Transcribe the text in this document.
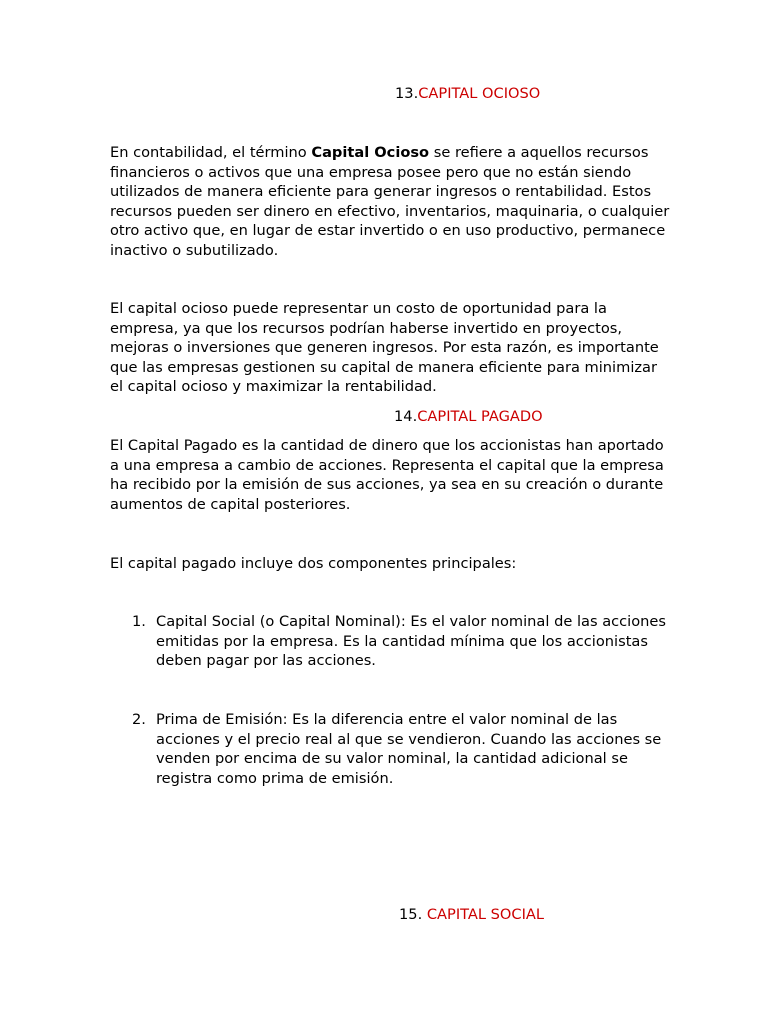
13.CAPITAL OCIOSO

En contabilidad, el término Capital Ocioso se refiere a aquellos recursos financieros o activos que una empresa posee pero que no están siendo utilizados de manera eficiente para generar ingresos o rentabilidad. Estos recursos pueden ser dinero en efectivo, inventarios, maquinaria, o cualquier otro activo que, en lugar de estar invertido o en uso productivo, permanece inactivo o subutilizado.

El capital ocioso puede representar un costo de oportunidad para la empresa, ya que los recursos podrían haberse invertido en proyectos, mejoras o inversiones que generen ingresos. Por esta razón, es importante que las empresas gestionen su capital de manera eficiente para minimizar el capital ocioso y maximizar la rentabilidad.

14.CAPITAL PAGADO

El Capital Pagado es la cantidad de dinero que los accionistas han aportado a una empresa a cambio de acciones. Representa el capital que la empresa ha recibido por la emisión de sus acciones, ya sea en su creación o durante aumentos de capital posteriores.

El capital pagado incluye dos componentes principales:

1. Capital Social (o Capital Nominal): Es el valor nominal de las acciones emitidas por la empresa. Es la cantidad mínima que los accionistas deben pagar por las acciones.
2. Prima de Emisión: Es la diferencia entre el valor nominal de las acciones y el precio real al que se vendieron. Cuando las acciones se venden por encima de su valor nominal, la cantidad adicional se registra como prima de emisión.
15. CAPITAL SOCIAL
